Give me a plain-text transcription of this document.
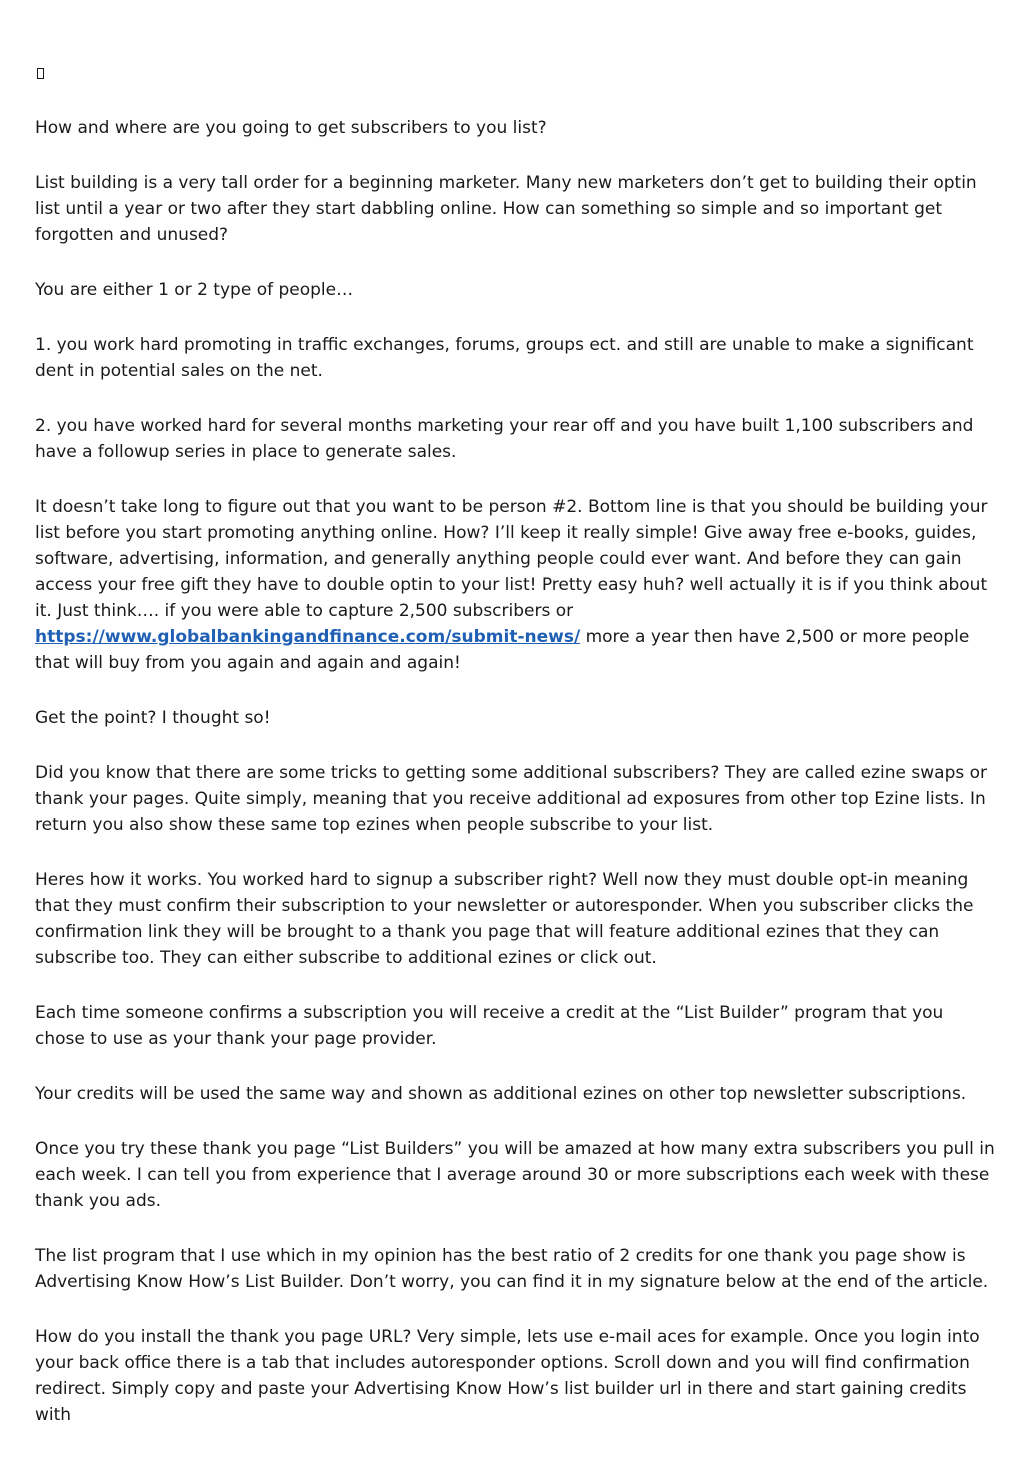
How and where are you going to get subscribers to you list?

List building is a very tall order for a beginning marketer. Many new marketers don’t get to building their optin list until a year or two after they start dabbling online. How can something so simple and so important get forgotten and unused?

You are either 1 or 2 type of people…

1. you work hard promoting in traffic exchanges, forums, groups ect. and still are unable to make a significant dent in potential sales on the net.

2. you have worked hard for several months marketing your rear off and you have built 1,100 subscribers and have a followup series in place to generate sales.

It doesn’t take long to figure out that you want to be person #2. Bottom line is that you should be building your list before you start promoting anything online. How? I’ll keep it really simple! Give away free e-books, guides, software, advertising, information, and generally anything people could ever want. And before they can gain access your free gift they have to double optin to your list! Pretty easy huh? well actually it is if you think about it. Just think…. if you were able to capture 2,500 subscribers or https://www.globalbankingandfinance.com/submit-news/ more a year then have 2,500 or more people that will buy from you again and again and again!

Get the point? I thought so!

Did you know that there are some tricks to getting some additional subscribers? They are called ezine swaps or thank your pages. Quite simply, meaning that you receive additional ad exposures from other top Ezine lists. In return you also show these same top ezines when people subscribe to your list.

Heres how it works. You worked hard to signup a subscriber right? Well now they must double opt-in meaning that they must confirm their subscription to your newsletter or autoresponder. When you subscriber clicks the confirmation link they will be brought to a thank you page that will feature additional ezines that they can subscribe too. They can either subscribe to additional ezines or click out.

Each time someone confirms a subscription you will receive a credit at the “List Builder” program that you chose to use as your thank your page provider.

Your credits will be used the same way and shown as additional ezines on other top newsletter subscriptions.

Once you try these thank you page “List Builders” you will be amazed at how many extra subscribers you pull in each week. I can tell you from experience that I average around 30 or more subscriptions each week with these thank you ads.

The list program that I use which in my opinion has the best ratio of 2 credits for one thank you page show is Advertising Know How’s List Builder. Don’t worry, you can find it in my signature below at the end of the article.

How do you install the thank you page URL? Very simple, lets use e-mail aces for example. Once you login into your back office there is a tab that includes autoresponder options. Scroll down and you will find confirmation redirect. Simply copy and paste your Advertising Know How’s list builder url in there and start gaining credits with
